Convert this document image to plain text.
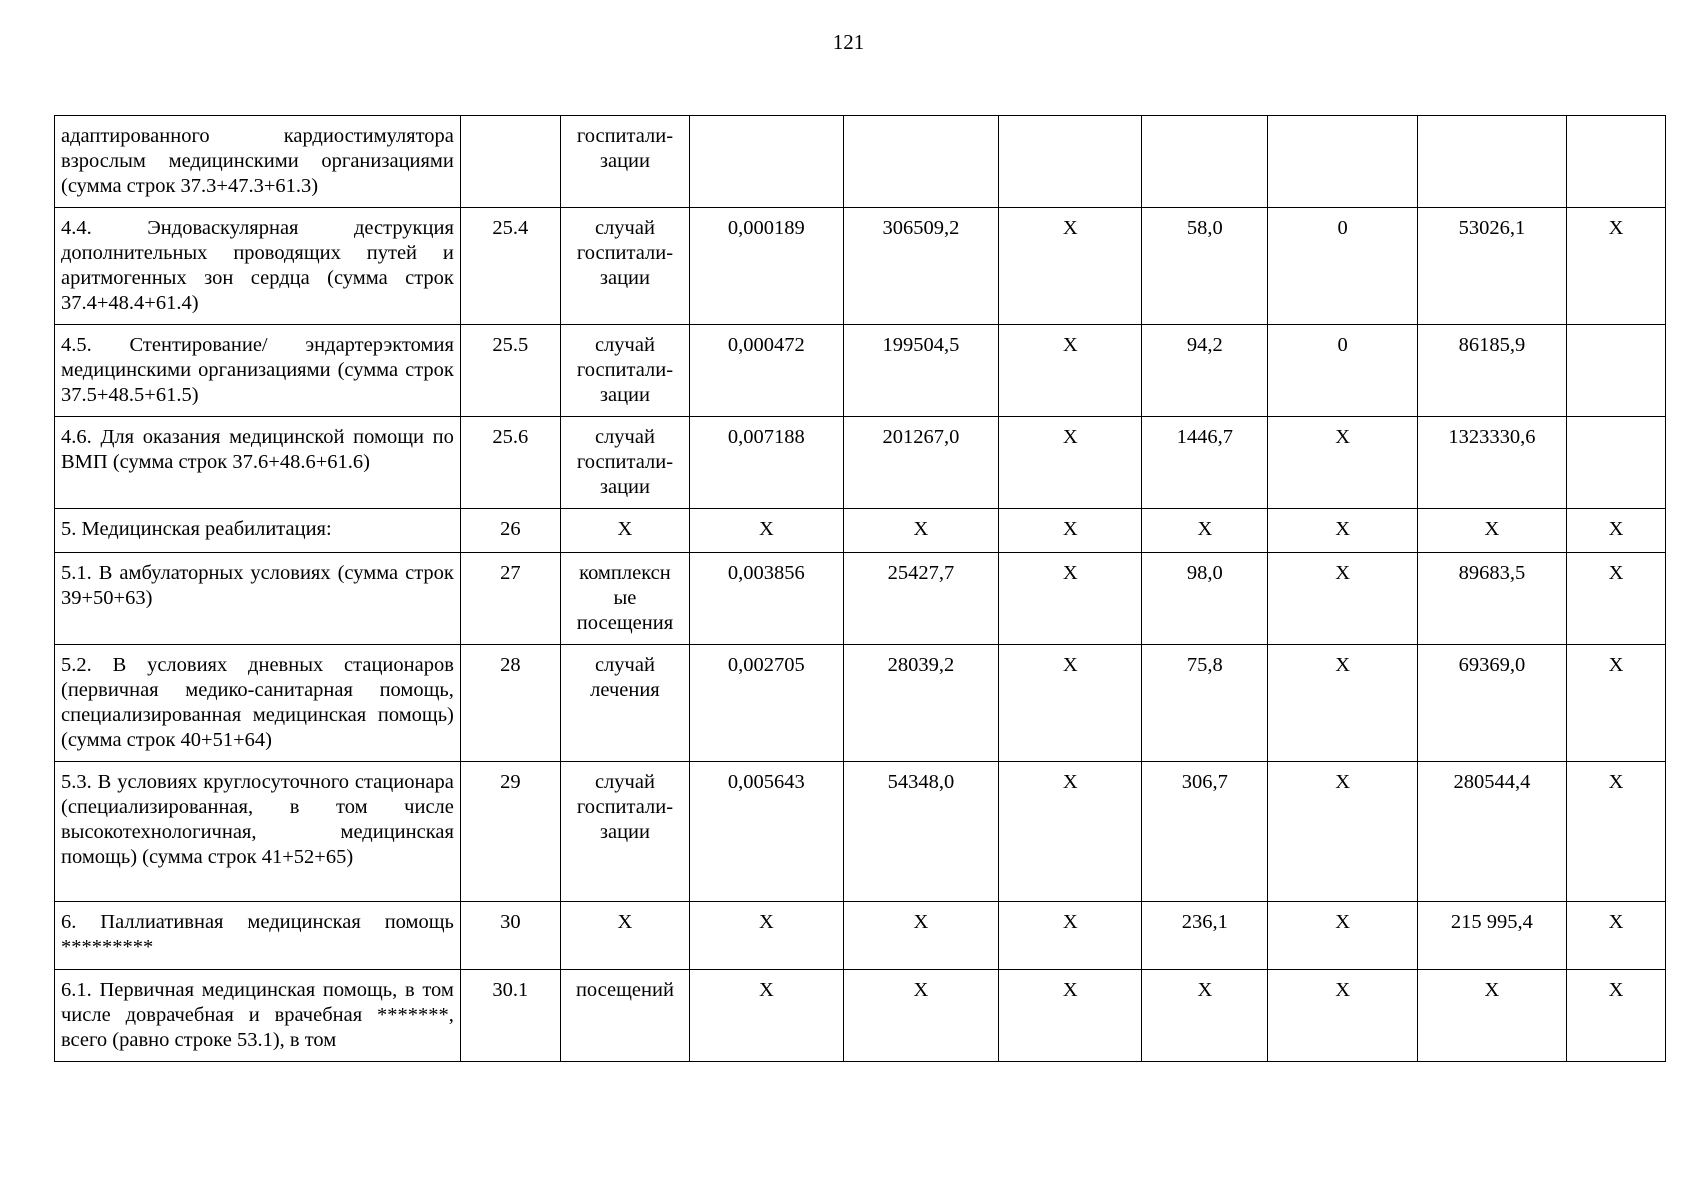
121
адаптированного кардиостимулятора взрослым медицинскими организациями (сумма строк 37.3+47.3+61.3)		госпитали-
зации							
4.4. Эндоваскулярная деструкция дополнительных проводящих путей и аритмогенных зон сердца (сумма строк 37.4+48.4+61.4)	25.4	случай
госпитали-
зации	0,000189	306509,2	Х	58,0	0	53026,1	Х
4.5. Стентирование/ эндартерэктомия медицинскими организациями (сумма строк 37.5+48.5+61.5)	25.5	случай
госпитали-
зации	0,000472	199504,5	Х	94,2	0	86185,9	
4.6. Для оказания медицинской помощи по ВМП (сумма строк 37.6+48.6+61.6)	25.6	случай
госпитали-
зации	0,007188	201267,0	Х	1446,7	Х	1323330,6	
5. Медицинская реабилитация:	26	Х	Х	Х	Х	Х	Х	Х	Х
5.1. В амбулаторных условиях (сумма строк 39+50+63)	27	комплексн
ые
посещения	0,003856	25427,7	Х	98,0	Х	89683,5	Х
5.2. В условиях дневных стационаров (первичная медико-санитарная помощь, специализированная медицинская помощь) (сумма строк 40+51+64)	28	случай
лечения	0,002705	28039,2	Х	75,8	Х	69369,0	Х
5.3. В условиях круглосуточного стационара (специализированная, в том числе высокотехнологичная, медицинская помощь) (сумма строк 41+52+65)	29	случай
госпитали-
зации	0,005643	54348,0	Х	306,7	Х	280544,4	Х
6. Паллиативная медицинская помощь *********	30	Х	Х	Х	Х	236,1	Х	215 995,4	Х
6.1. Первичная медицинская помощь, в том числе доврачебная и врачебная *******, всего (равно строке 53.1), в том	30.1	посещений	Х	Х	Х	Х	Х	Х	Х
